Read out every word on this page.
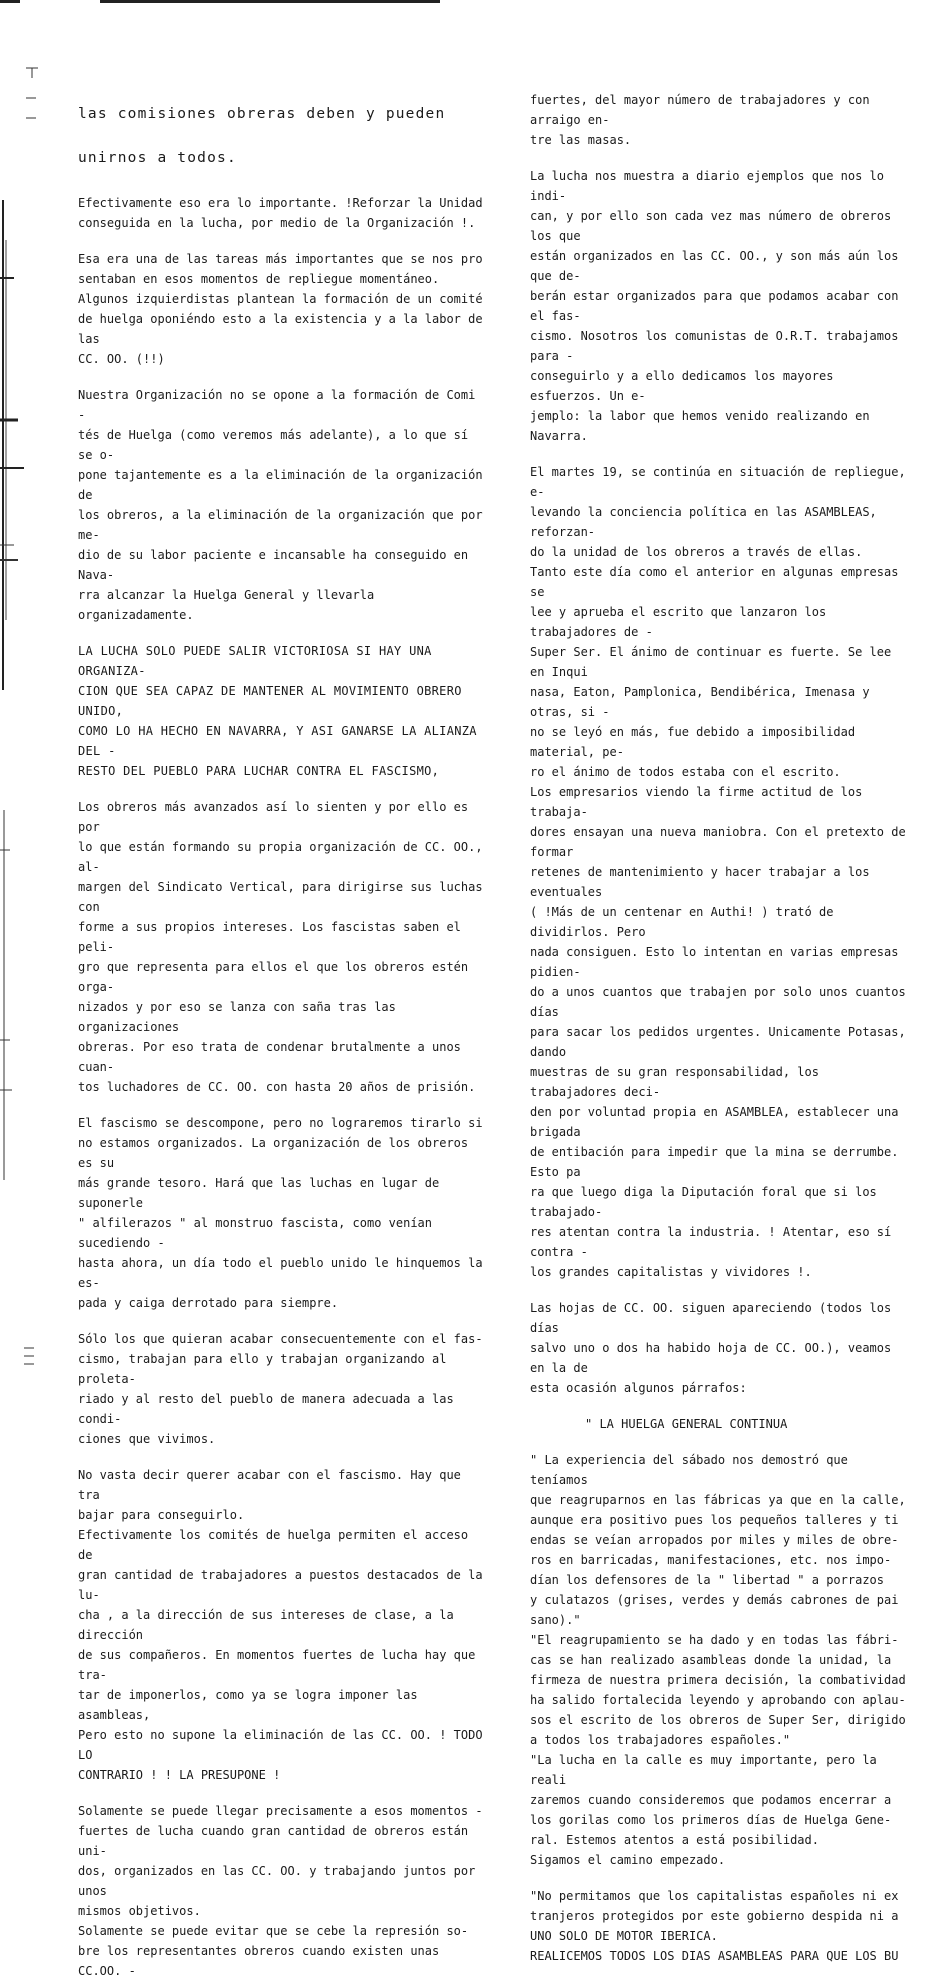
las comisiones obreras deben y pueden

unirnos a todos.

Efectivamente eso era lo importante. !Reforzar la Unidad
conseguida en la lucha, por medio de la Organización !.

Esa era una de las tareas más importantes que se nos pro
sentaban en esos momentos de repliegue momentáneo.
Algunos izquierdistas plantean la formación de un comité
de huelga oponiéndo esto a la existencia y a la labor de las
CC. OO. (!!)

Nuestra Organización no se opone a la formación de Comi -
tés de Huelga (como veremos más adelante), a lo que sí se o-
pone tajantemente es a la eliminación de la organización de
los obreros, a la eliminación de la organización que por me-
dio de su labor paciente e incansable ha conseguido en Nava-
rra alcanzar la Huelga General y llevarla organizadamente.

LA LUCHA SOLO PUEDE SALIR VICTORIOSA SI HAY UNA ORGANIZA-
CION QUE SEA CAPAZ DE MANTENER AL MOVIMIENTO OBRERO UNIDO,
COMO LO HA HECHO EN NAVARRA, Y ASI GANARSE LA ALIANZA DEL -
RESTO DEL PUEBLO PARA LUCHAR CONTRA EL FASCISMO,

Los obreros más avanzados así lo sienten y por ello es por
lo que están formando su propia organización de CC. OO., al-
margen del Sindicato Vertical, para dirigirse sus luchas con
forme a sus propios intereses. Los fascistas saben el peli-
gro que representa para ellos el que los obreros estén orga-
nizados y por eso se lanza con saña tras las organizaciones
obreras. Por eso trata de condenar brutalmente a unos cuan-
tos luchadores de CC. OO. con hasta 20 años de prisión.

El fascismo se descompone, pero no lograremos tirarlo si
no estamos organizados. La organización de los obreros es su
más grande tesoro. Hará que las luchas en lugar de suponerle
" alfilerazos " al monstruo fascista, como venían sucediendo -
hasta ahora, un día todo el pueblo unido le hinquemos la es-
pada y caiga derrotado para siempre.

Sólo los que quieran acabar consecuentemente con el fas-
cismo, trabajan para ello y trabajan organizando al proleta-
riado y al resto del pueblo de manera adecuada a las condi-
ciones que vivimos.

No vasta decir querer acabar con el fascismo. Hay que tra
bajar para conseguirlo.
Efectivamente los comités de huelga permiten el acceso de
gran cantidad de trabajadores a puestos destacados de la lu-
cha , a la dirección de sus intereses de clase, a la dirección
de sus compañeros. En momentos fuertes de lucha hay que tra-
tar de imponerlos, como ya se logra imponer las asambleas,
Pero esto no supone la eliminación de las CC. OO. ! TODO LO
CONTRARIO ! ! LA PRESUPONE !

Solamente se puede llegar precisamente a esos momentos -
fuertes de lucha cuando gran cantidad de obreros están uni-
dos, organizados en las CC. OO. y trabajando juntos por unos
mismos objetivos.
Solamente se puede evitar que se cebe la represión so-
bre los representantes obreros cuando existen unas CC.OO. -

fuertes, del mayor número de trabajadores y con arraigo en-
tre las masas.

La lucha nos muestra a diario ejemplos que nos lo indi-
can, y por ello son cada vez mas número de obreros los que
están organizados en las CC. OO., y son más aún los que de-
berán estar organizados para que podamos acabar con el fas-
cismo. Nosotros los comunistas de O.R.T. trabajamos para -
conseguirlo y a ello dedicamos los mayores esfuerzos. Un e-
jemplo: la labor que hemos venido realizando en Navarra.

El martes 19, se continúa en situación de repliegue, e-
levando la conciencia política en las ASAMBLEAS, reforzan-
do la unidad de los obreros a través de ellas.
Tanto este día como el anterior en algunas empresas se
lee y aprueba el escrito que lanzaron los trabajadores de -
Super Ser. El ánimo de continuar es fuerte. Se lee en Inqui
nasa, Eaton, Pamplonica, Bendibérica, Imenasa y otras, si -
no se leyó en más, fue debido a imposibilidad material, pe-
ro el ánimo de todos estaba con el escrito.
Los empresarios viendo la firme actitud de los trabaja-
dores ensayan una nueva maniobra. Con el pretexto de formar
retenes de mantenimiento y hacer trabajar a los eventuales
( !Más de un centenar en Authi! ) trató de dividirlos. Pero
nada consiguen. Esto lo intentan en varias empresas pidien-
do a unos cuantos que trabajen por solo unos cuantos días
para sacar los pedidos urgentes. Unicamente Potasas, dando
muestras de su gran responsabilidad, los trabajadores deci-
den por voluntad propia en ASAMBLEA, establecer una brigada
de entibación para impedir que la mina se derrumbe. Esto pa
ra que luego diga la Diputación foral que si los trabajado-
res atentan contra la industria. ! Atentar, eso sí contra -
los grandes capitalistas y vividores !.

Las hojas de CC. OO. siguen apareciendo (todos los días
salvo uno o dos ha habido hoja de CC. OO.), veamos en la de
esta ocasión algunos párrafos:

" LA HUELGA GENERAL CONTINUA

" La experiencia del sábado nos demostró que teníamos
que reagruparnos en las fábricas ya que en la calle,
aunque era positivo pues los pequeños talleres y ti
endas se veían arropados por miles y miles de obre-
ros en barricadas, manifestaciones, etc. nos impo-
dían los defensores de la " libertad " a porrazos
y culatazos (grises, verdes y demás cabrones de pai
sano)."
"El reagrupamiento se ha dado y en todas las fábri-
cas se han realizado asambleas donde la unidad, la
firmeza de nuestra primera decisión, la combatividad
ha salido fortalecida leyendo y aprobando con aplau-
sos el escrito de los obreros de Super Ser, dirigido
a todos los trabajadores españoles."
"La lucha en la calle es muy importante, pero la reali
zaremos cuando consideremos que podamos encerrar a
los gorilas como los primeros días de Huelga Gene-
ral. Estemos atentos a está posibilidad.
Sigamos el camino empezado.

"No permitamos que los capitalistas españoles ni ex
tranjeros protegidos por este gobierno despida ni a
UNO SOLO DE MOTOR IBERICA.
REALICEMOS TODOS LOS DIAS ASAMBLEAS PARA QUE LOS BU
